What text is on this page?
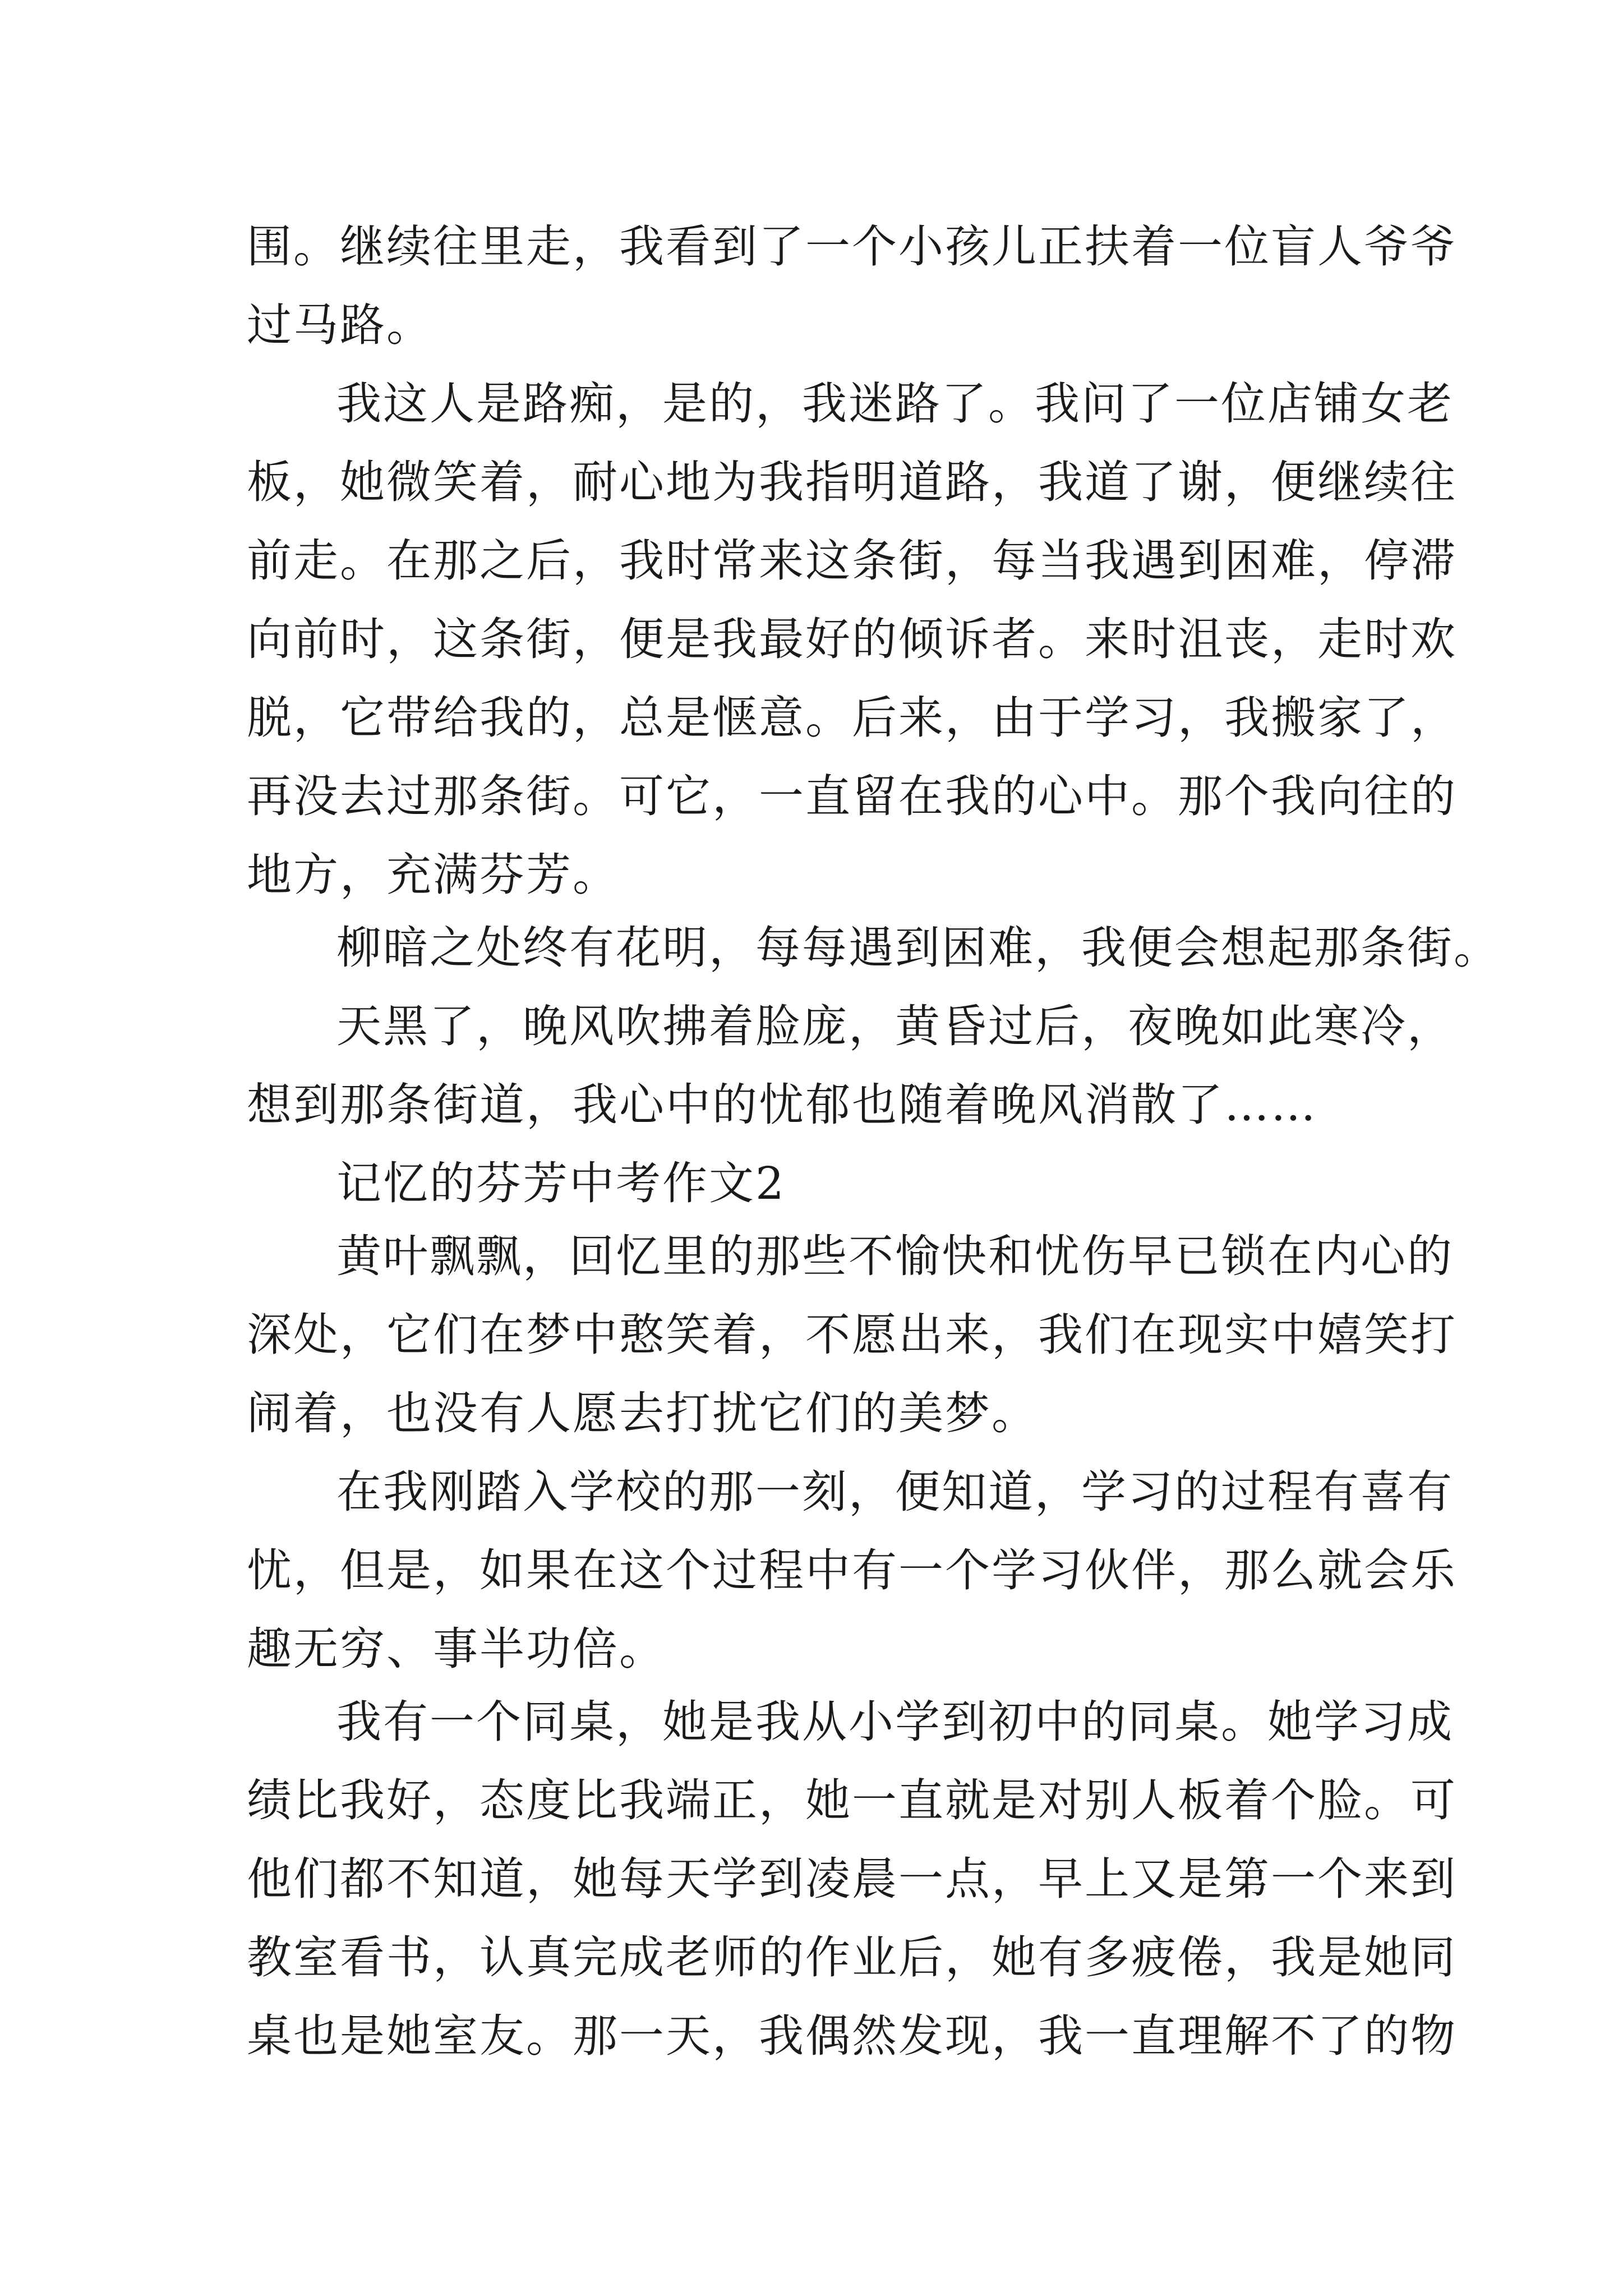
围。继续往里走，我看到了一个小孩儿正扶着一位盲人爷爷

过马路。

我这人是路痴，是的，我迷路了。我问了一位店铺女老

板，她微笑着，耐心地为我指明道路，我道了谢，便继续往

前走。在那之后，我时常来这条街，每当我遇到困难，停滞

向前时，这条街，便是我最好的倾诉者。来时沮丧，走时欢

脱，它带给我的，总是惬意。后来，由于学习，我搬家了，

再没去过那条街。可它，一直留在我的心中。那个我向往的

地方，充满芬芳。

柳暗之处终有花明，每每遇到困难，我便会想起那条街。

天黑了，晚风吹拂着脸庞，黄昏过后，夜晚如此寒冷，

想到那条街道，我心中的忧郁也随着晚风消散了……

记忆的芬芳中考作文2

黄叶飘飘，回忆里的那些不愉快和忧伤早已锁在内心的

深处，它们在梦中憨笑着，不愿出来，我们在现实中嬉笑打

闹着，也没有人愿去打扰它们的美梦。

在我刚踏入学校的那一刻，便知道，学习的过程有喜有

忧，但是，如果在这个过程中有一个学习伙伴，那么就会乐

趣无穷、事半功倍。

我有一个同桌，她是我从小学到初中的同桌。她学习成

绩比我好，态度比我端正，她一直就是对别人板着个脸。可

他们都不知道，她每天学到凌晨一点，早上又是第一个来到

教室看书，认真完成老师的作业后，她有多疲倦，我是她同

桌也是她室友。那一天，我偶然发现，我一直理解不了的物
